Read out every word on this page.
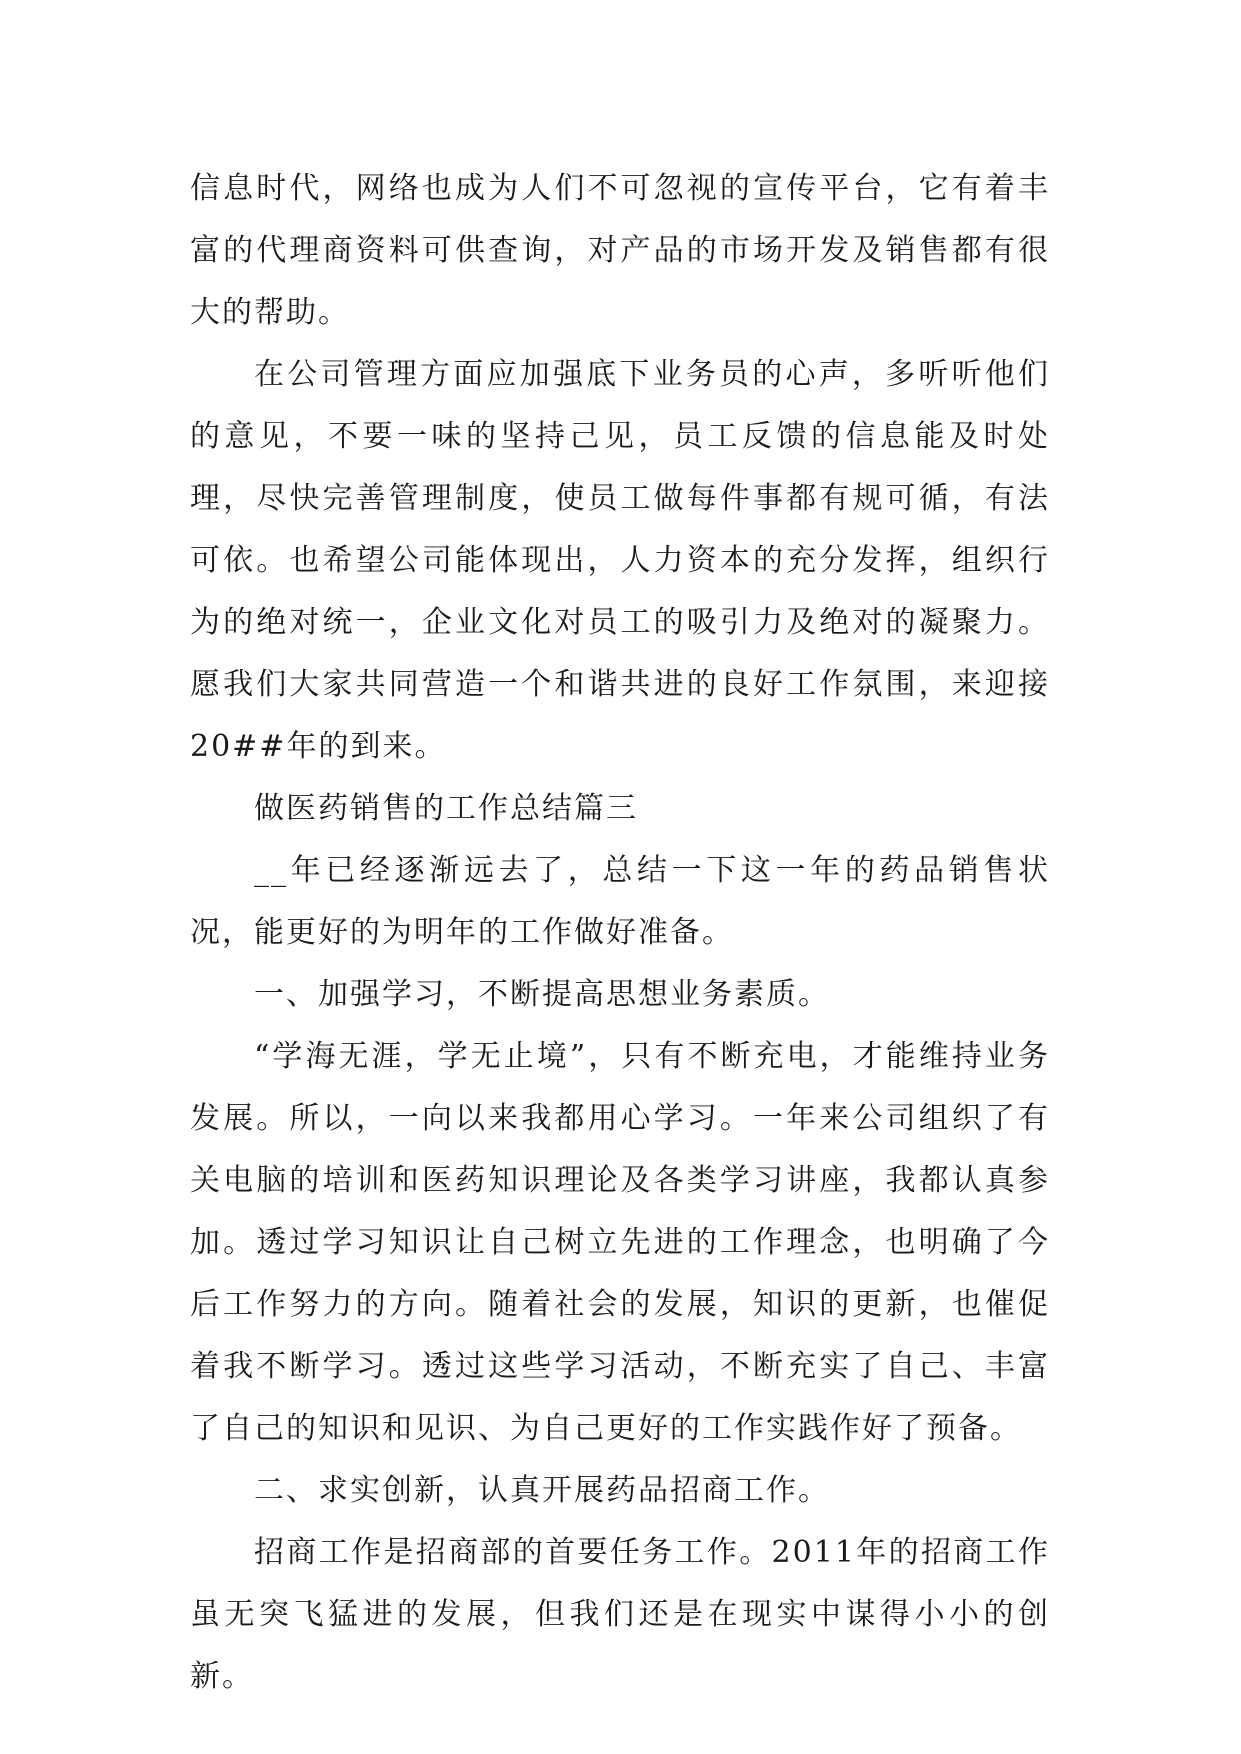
信息时代，网络也成为人们不可忽视的宣传平台，它有着丰富的代理商资料可供查询，对产品的市场开发及销售都有很大的帮助。

在公司管理方面应加强底下业务员的心声，多听听他们的意见，不要一味的坚持己见，员工反馈的信息能及时处理，尽快完善管理制度，使员工做每件事都有规可循，有法可依。也希望公司能体现出，人力资本的充分发挥，组织行为的绝对统一，企业文化对员工的吸引力及绝对的凝聚力。愿我们大家共同营造一个和谐共进的良好工作氛围，来迎接20##年的到来。

做医药销售的工作总结篇三

__年已经逐渐远去了，总结一下这一年的药品销售状况，能更好的为明年的工作做好准备。

一、加强学习，不断提高思想业务素质。

“学海无涯，学无止境”，只有不断充电，才能维持业务发展。所以，一向以来我都用心学习。一年来公司组织了有关电脑的培训和医药知识理论及各类学习讲座，我都认真参加。透过学习知识让自己树立先进的工作理念，也明确了今后工作努力的方向。随着社会的发展，知识的更新，也催促着我不断学习。透过这些学习活动，不断充实了自己、丰富了自己的知识和见识、为自己更好的工作实践作好了预备。

二、求实创新，认真开展药品招商工作。

招商工作是招商部的首要任务工作。2011年的招商工作虽无突飞猛进的发展，但我们还是在现实中谋得小小的创新。
